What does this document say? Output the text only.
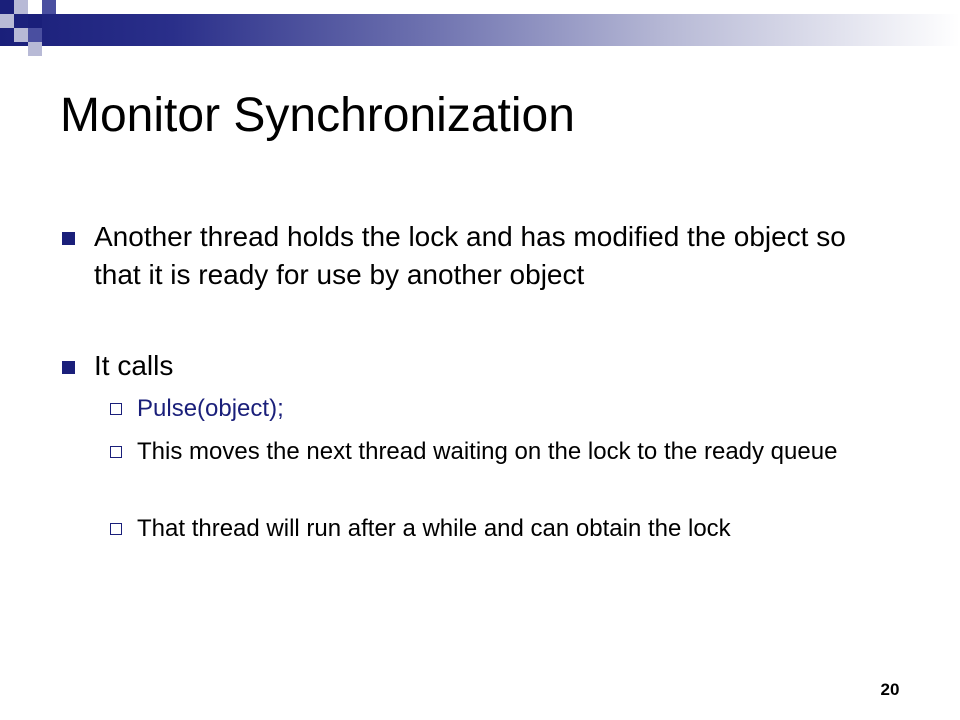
Monitor Synchronization
Another thread holds the lock and has modified the object so that it is ready for use by another object
It calls
Pulse(object);
This moves the next thread waiting on the lock to the ready queue
That thread will run after a while and can obtain the lock
20
